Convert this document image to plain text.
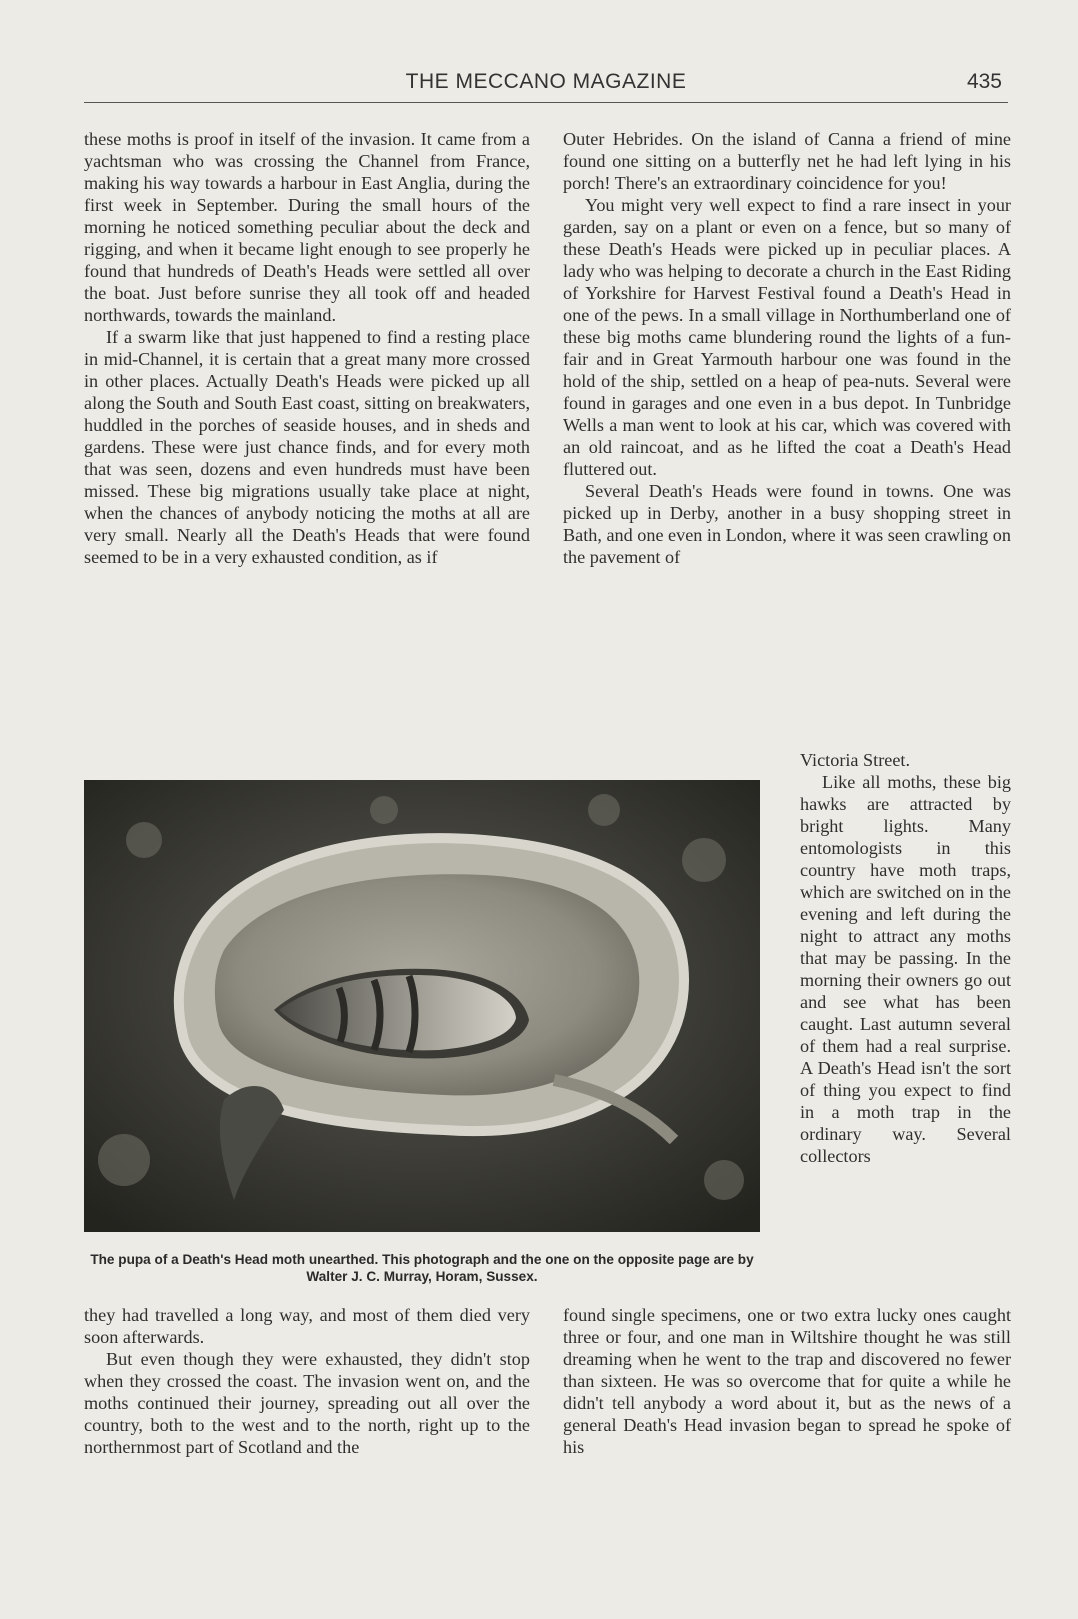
THE MECCANO MAGAZINE	435

these moths is proof in itself of the invasion. It came from a yachtsman who was crossing the Channel from France, making his way towards a harbour in East Anglia, during the first week in September. During the small hours of the morning he noticed something peculiar about the deck and rigging, and when it became light enough to see properly he found that hundreds of Death's Heads were settled all over the boat. Just before sunrise they all took off and headed northwards, towards the mainland.

If a swarm like that just happened to find a resting place in mid-Channel, it is certain that a great many more crossed in other places. Actually Death's Heads were picked up all along the South and South East coast, sitting on breakwaters, huddled in the porches of seaside houses, and in sheds and gardens. These were just chance finds, and for every moth that was seen, dozens and even hundreds must have been missed. These big migrations usually take place at night, when the chances of anybody noticing the moths at all are very small. Nearly all the Death's Heads that were found seemed to be in a very exhausted condition, as if

Outer Hebrides. On the island of Canna a friend of mine found one sitting on a butterfly net he had left lying in his porch! There's an extraordinary coincidence for you!

You might very well expect to find a rare insect in your garden, say on a plant or even on a fence, but so many of these Death's Heads were picked up in peculiar places. A lady who was helping to decorate a church in the East Riding of Yorkshire for Harvest Festival found a Death's Head in one of the pews. In a small village in Northumberland one of these big moths came blundering round the lights of a fun-fair and in Great Yarmouth harbour one was found in the hold of the ship, settled on a heap of pea-nuts. Several were found in garages and one even in a bus depot. In Tunbridge Wells a man went to look at his car, which was covered with an old raincoat, and as he lifted the coat a Death's Head fluttered out.

Several Death's Heads were found in towns. One was picked up in Derby, another in a busy shopping street in Bath, and one even in London, where it was seen crawling on the pavement of

The pupa of a Death's Head moth unearthed. This photograph and the one on the opposite page are by Walter J. C. Murray, Horam, Sussex.

Victoria Street.

Like all moths, these big hawks are attracted by bright lights. Many entomologists in this country have moth traps, which are switched on in the evening and left during the night to attract any moths that may be passing. In the morning their owners go out and see what has been caught. Last autumn several of them had a real surprise. A Death's Head isn't the sort of thing you expect to find in a moth trap in the ordinary way. Several collectors

they had travelled a long way, and most of them died very soon afterwards.

But even though they were exhausted, they didn't stop when they crossed the coast. The invasion went on, and the moths continued their journey, spreading out all over the country, both to the west and to the north, right up to the northernmost part of Scotland and the

found single specimens, one or two extra lucky ones caught three or four, and one man in Wiltshire thought he was still dreaming when he went to the trap and discovered no fewer than sixteen. He was so overcome that for quite a while he didn't tell anybody a word about it, but as the news of a general Death's Head invasion began to spread he spoke of his
